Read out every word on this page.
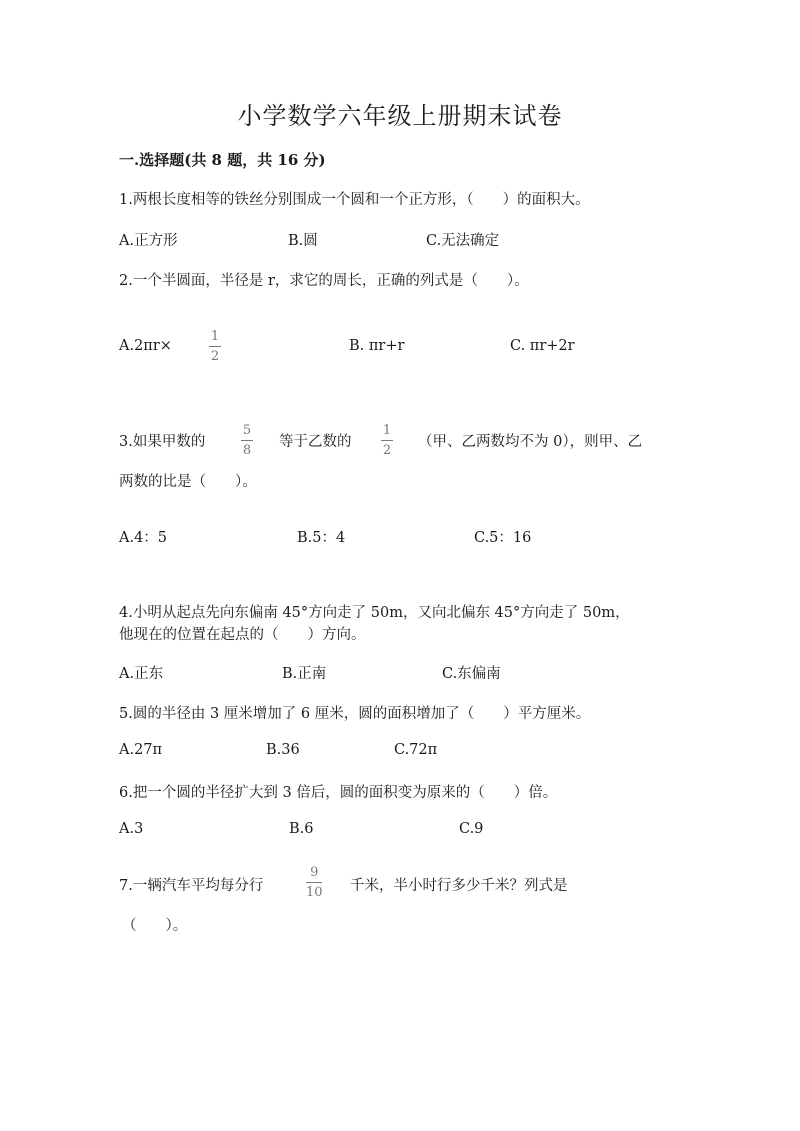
小学数学六年级上册期末试卷
一.选择题(共 8 题，共 16 分)
1.两根长度相等的铁丝分别围成一个圆和一个正方形，（　　）的面积大。
A.正方形	B.圆	C.无法确定
2.一个半圆面，半径是 r，求它的周长，正确的列式是（　　）。
A.2πr×
1
2
B. πr+r	C. πr+2r
3.如果甲数的
5
8
等于乙数的
1
2
（甲、乙两数均不为 0），则甲、乙
两数的比是（　　）。
A.4：5	B.5：4	C.5：16
4.小明从起点先向东偏南 45°方向走了 50m，又向北偏东 45°方向走了 50m，
他现在的位置在起点的（　　）方向。
A.正东	B.正南	C.东偏南
5.圆的半径由 3 厘米增加了 6 厘米，圆的面积增加了（　　）平方厘米。
A.27π	B.36	C.72π
6.把一个圆的半径扩大到 3 倍后，圆的面积变为原来的（　　）倍。
A.3	B.6	C.9
7.一辆汽车平均每分行
9
10 千米，半小时行多少千米？列式是
（　　）。
